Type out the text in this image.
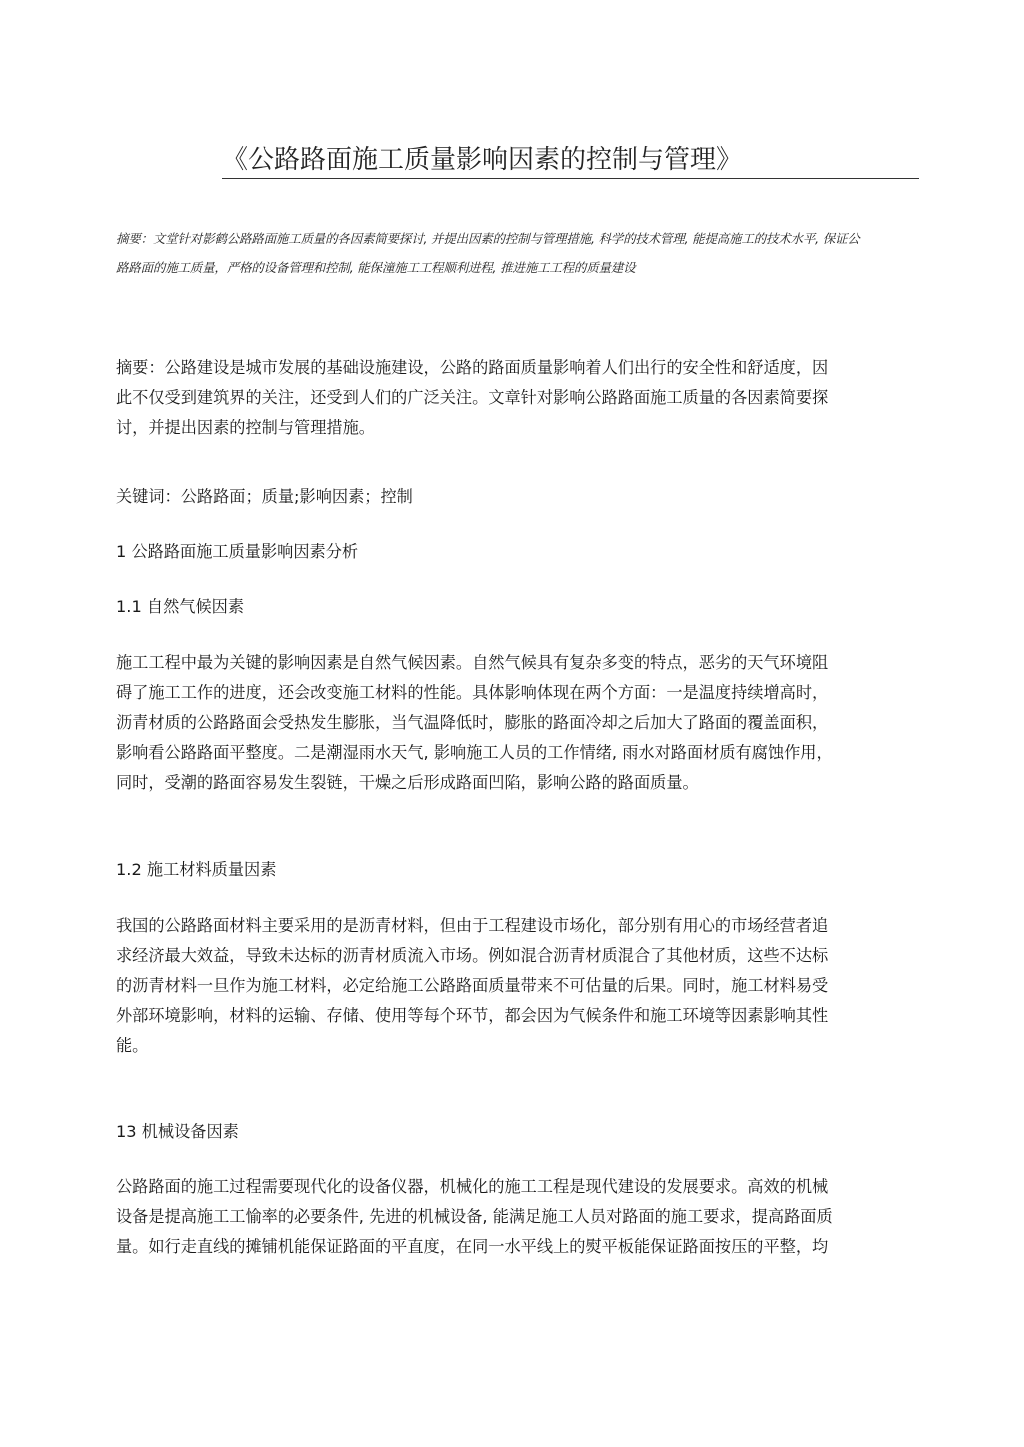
《公路路面施工质量影响因素的控制与管理》
摘要：文堂针对影鹤公路路面施工质量的各因素简要探讨, 并提出因素的控制与管理措施, 科学的技术管理, 能提高施工的技术水平, 保证公
路路面的施工质量，严格的设备管理和控制, 能保潼施工工程顺利进程, 推进施工工程的质量建设
摘要：公路建设是城市发展的基础设施建设，公路的路面质量影响着人们出行的安全性和舒适度，因
此不仅受到建筑界的关注，还受到人们的广泛关注。文章针对影响公路路面施工质量的各因素简要探
讨，并提出因素的控制与管理措施。
关键词：公路路面；质量;影响因素；控制
1 公路路面施工质量影响因素分析
1.1 自然气候因素
施工工程中最为关键的影响因素是自然气候因素。自然气候具有复杂多变的特点，恶劣的天气环境阻
碍了施工工作的进度，还会改变施工材料的性能。具体影响体现在两个方面：一是温度持续增高时，
沥青材质的公路路面会受热发生膨胀，当气温降低时，膨胀的路面冷却之后加大了路面的覆盖面积，
影响看公路路面平整度。二是潮湿雨水天气, 影响施工人员的工作情绪, 雨水对路面材质有腐蚀作用，
同时，受潮的路面容易发生裂链，干燥之后形成路面凹陷，影响公路的路面质量。
1.2 施工材料质量因素
我国的公路路面材料主要采用的是沥青材料，但由于工程建设市场化，部分别有用心的市场经营者追
求经济最大效益，导致未达标的沥青材质流入市场。例如混合沥青材质混合了其他材质，这些不达标
的沥青材料一旦作为施工材料，必定给施工公路路面质量带来不可估量的后果。同时，施工材料易受
外部环境影响，材料的运输、存储、使用等每个环节，都会因为气候条件和施工环境等因素影响其性
能。
13 机械设备因素
公路路面的施工过程需要现代化的设备仪器，机械化的施工工程是现代建设的发展要求。高效的机械
设备是提高施工工愉率的必要条件, 先进的机械设备, 能满足施工人员对路面的施工要求，提高路面质
量。如行走直线的摊铺机能保证路面的平直度，在同一水平线上的熨平板能保证路面按压的平整，均
